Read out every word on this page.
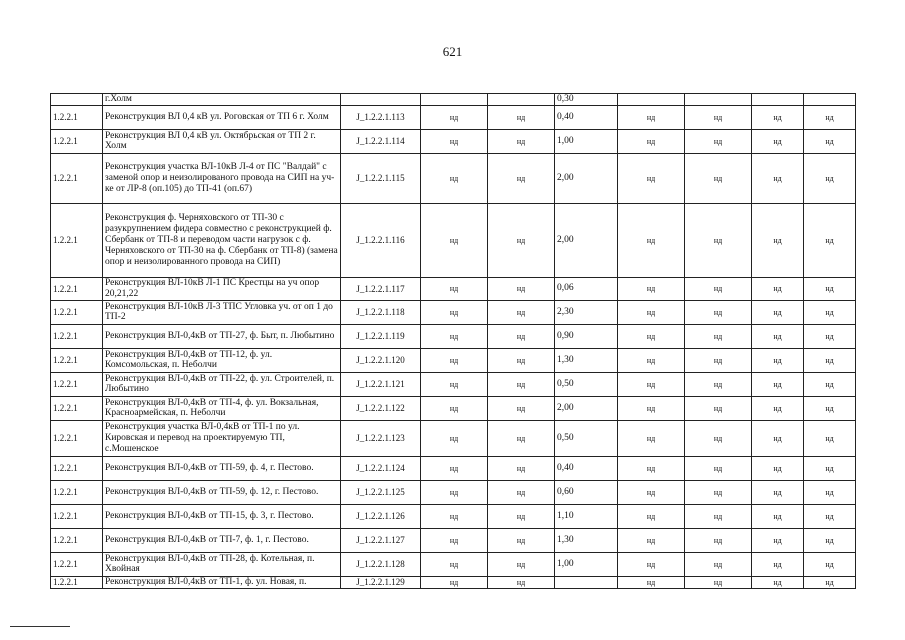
621
	г.Холм				0,30				
1.2.2.1	Реконструкция ВЛ 0,4 кВ ул. Роговская от ТП 6 г. Холм	J_1.2.2.1.113	нд	нд	0,40	нд	нд	нд	нд
1.2.2.1	Реконструкция ВЛ 0,4 кВ ул. Октябрьская от ТП 2 г. Холм	J_1.2.2.1.114	нд	нд	1,00	нд	нд	нд	нд
1.2.2.1	Реконструкция участка ВЛ-10кВ Л-4 от ПС "Валдай" с заменой опор и неизолированого провода на СИП на уч-ке от ЛР-8 (оп.105) до ТП-41 (оп.67)	J_1.2.2.1.115	нд	нд	2,00	нд	нд	нд	нд
1.2.2.1	Реконструкция ф. Черняховского от ТП-30 с разукрупнением фидера совместно с реконструкцией ф. Сбербанк от ТП-8 и переводом части нагрузок с ф. Черняховского от ТП-30 на ф. Сбербанк от ТП-8) (замена опор и неизолированного провода на СИП)	J_1.2.2.1.116	нд	нд	2,00	нд	нд	нд	нд
1.2.2.1	Реконструкция ВЛ-10кВ Л-1 ПС Крестцы на уч опор 20,21,22	J_1.2.2.1.117	нд	нд	0,06	нд	нд	нд	нд
1.2.2.1	Реконструкция ВЛ-10кВ Л-3 ТПС Угловка уч. от оп 1 до ТП-2	J_1.2.2.1.118	нд	нд	2,30	нд	нд	нд	нд
1.2.2.1	Реконструкция ВЛ-0,4кВ от ТП-27, ф. Быт, п. Любытино	J_1.2.2.1.119	нд	нд	0,90	нд	нд	нд	нд
1.2.2.1	Реконструкция ВЛ-0,4кВ от ТП-12, ф. ул. Комсомольская, п. Неболчи	J_1.2.2.1.120	нд	нд	1,30	нд	нд	нд	нд
1.2.2.1	Реконструкция ВЛ-0,4кВ от ТП-22, ф. ул. Строителей, п. Любытино	J_1.2.2.1.121	нд	нд	0,50	нд	нд	нд	нд
1.2.2.1	Реконструкция ВЛ-0,4кВ от ТП-4, ф. ул. Вокзальная, Красноармейская, п. Неболчи	J_1.2.2.1.122	нд	нд	2,00	нд	нд	нд	нд
1.2.2.1	Реконструкция участка ВЛ-0,4кВ от ТП-1 по ул. Кировская и перевод на проектируемую ТП, с.Мошенское	J_1.2.2.1.123	нд	нд	0,50	нд	нд	нд	нд
1.2.2.1	Реконструкция ВЛ-0,4кВ от ТП-59, ф. 4, г. Пестово.	J_1.2.2.1.124	нд	нд	0,40	нд	нд	нд	нд
1.2.2.1	Реконструкция ВЛ-0,4кВ от ТП-59, ф. 12, г. Пестово.	J_1.2.2.1.125	нд	нд	0,60	нд	нд	нд	нд
1.2.2.1	Реконструкция ВЛ-0,4кВ от ТП-15, ф. 3, г. Пестово.	J_1.2.2.1.126	нд	нд	1,10	нд	нд	нд	нд
1.2.2.1	Реконструкция ВЛ-0,4кВ от ТП-7, ф. 1, г. Пестово.	J_1.2.2.1.127	нд	нд	1,30	нд	нд	нд	нд
1.2.2.1	Реконструкция ВЛ-0,4кВ от ТП-28, ф. Котельная, п. Хвойная	J_1.2.2.1.128	нд	нд	1,00	нд	нд	нд	нд
1.2.2.1	Реконструкция ВЛ-0,4кВ от ТП-1, ф. ул. Новая, п.	J_1.2.2.1.129	нд	нд		нд	нд	нд	нд
